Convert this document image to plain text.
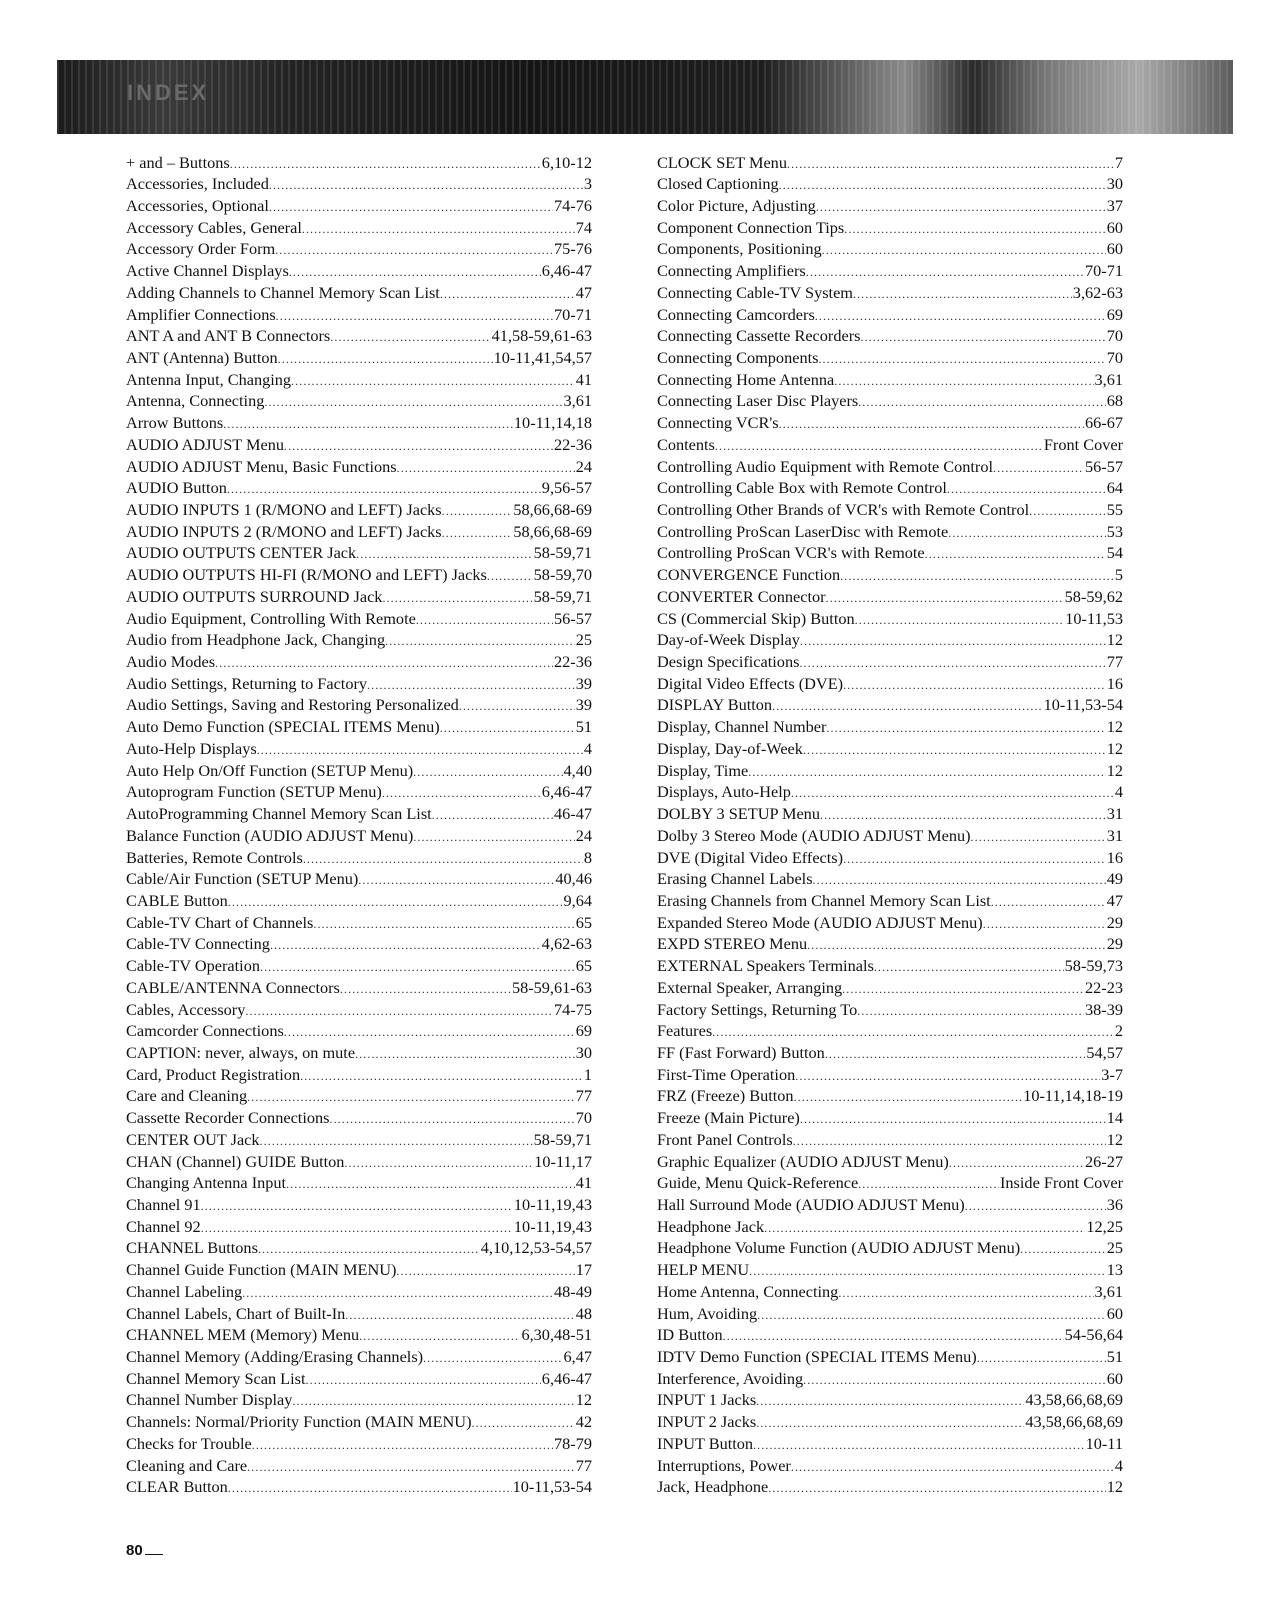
INDEX
+ and – Buttons .....	6,10-12
Accessories, Included .....	3
Accessories, Optional .....	74-76
Accessory Cables, General .....	74
Accessory Order Form .....	75-76
Active Channel Displays .....	6,46-47
Adding Channels to Channel Memory Scan List .....	47
Amplifier Connections .....	70-71
ANT A and ANT B Connectors .....	41,58-59,61-63
ANT (Antenna) Button .....	10-11,41,54,57
Antenna Input, Changing .....	41
Antenna, Connecting .....	3,61
Arrow Buttons .....	10-11,14,18
AUDIO ADJUST Menu .....	22-36
AUDIO ADJUST Menu, Basic Functions .....	24
AUDIO Button .....	9,56-57
AUDIO INPUTS 1 (R/MONO and LEFT) Jacks .....	58,66,68-69
AUDIO INPUTS 2 (R/MONO and LEFT) Jacks .....	58,66,68-69
AUDIO OUTPUTS CENTER Jack .....	58-59,71
AUDIO OUTPUTS HI-FI (R/MONO and LEFT) Jacks .....	58-59,70
AUDIO OUTPUTS SURROUND Jack .....	58-59,71
Audio Equipment, Controlling With Remote .....	56-57
Audio from Headphone Jack, Changing .....	25
Audio Modes .....	22-36
Audio Settings, Returning to Factory .....	39
Audio Settings, Saving and Restoring Personalized .....	39
Auto Demo Function (SPECIAL ITEMS Menu) .....	51
Auto-Help Displays .....	4
Auto Help On/Off Function (SETUP Menu) .....	4,40
Autoprogram Function (SETUP Menu) .....	6,46-47
AutoProgramming Channel Memory Scan List .....	46-47
Balance Function (AUDIO ADJUST Menu) .....	24
Batteries, Remote Controls .....	8
Cable/Air Function (SETUP Menu) .....	40,46
CABLE Button .....	9,64
Cable-TV Chart of Channels .....	65
Cable-TV Connecting .....	4,62-63
Cable-TV Operation .....	65
CABLE/ANTENNA Connectors .....	58-59,61-63
Cables, Accessory .....	74-75
Camcorder Connections .....	69
CAPTION: never, always, on mute .....	30
Card, Product Registration .....	1
Care and Cleaning .....	77
Cassette Recorder Connections .....	70
CENTER OUT Jack .....	58-59,71
CHAN (Channel) GUIDE Button .....	10-11,17
Changing Antenna Input .....	41
Channel 91 .....	10-11,19,43
Channel 92 .....	10-11,19,43
CHANNEL Buttons .....	4,10,12,53-54,57
Channel Guide Function (MAIN MENU) .....	17
Channel Labeling .....	48-49
Channel Labels, Chart of Built-In .....	48
CHANNEL MEM (Memory) Menu .....	6,30,48-51
Channel Memory (Adding/Erasing Channels) .....	6,47
Channel Memory Scan List .....	6,46-47
Channel Number Display .....	12
Channels: Normal/Priority Function (MAIN MENU) .....	42
Checks for Trouble .....	78-79
Cleaning and Care .....	77
CLEAR Button .....	10-11,53-54
CLOCK SET Menu .....	7
Closed Captioning .....	30
Color Picture, Adjusting .....	37
Component Connection Tips .....	60
Components, Positioning .....	60
Connecting Amplifiers .....	70-71
Connecting Cable-TV System .....	3,62-63
Connecting Camcorders .....	69
Connecting Cassette Recorders .....	70
Connecting Components .....	70
Connecting Home Antenna .....	3,61
Connecting Laser Disc Players .....	68
Connecting VCR's .....	66-67
Contents .....	Front Cover
Controlling Audio Equipment with Remote Control .....	56-57
Controlling Cable Box with Remote Control .....	64
Controlling Other Brands of VCR's with Remote Control .....	55
Controlling ProScan LaserDisc with Remote .....	53
Controlling ProScan VCR's with Remote .....	54
CONVERGENCE Function .....	5
CONVERTER Connector .....	58-59,62
CS (Commercial Skip) Button .....	10-11,53
Day-of-Week Display .....	12
Design Specifications .....	77
Digital Video Effects (DVE) .....	16
DISPLAY Button .....	10-11,53-54
Display, Channel Number .....	12
Display, Day-of-Week .....	12
Display, Time .....	12
Displays, Auto-Help .....	4
DOLBY 3 SETUP Menu .....	31
Dolby 3 Stereo Mode (AUDIO ADJUST Menu) .....	31
DVE (Digital Video Effects) .....	16
Erasing Channel Labels .....	49
Erasing Channels from Channel Memory Scan List .....	47
Expanded Stereo Mode (AUDIO ADJUST Menu) .....	29
EXPD STEREO Menu .....	29
EXTERNAL Speakers Terminals .....	58-59,73
External Speaker, Arranging .....	22-23
Factory Settings, Returning To .....	38-39
Features .....	2
FF (Fast Forward) Button .....	54,57
First-Time Operation .....	3-7
FRZ (Freeze) Button .....	10-11,14,18-19
Freeze (Main Picture) .....	14
Front Panel Controls .....	12
Graphic Equalizer (AUDIO ADJUST Menu) .....	26-27
Guide, Menu Quick-Reference .....	Inside Front Cover
Hall Surround Mode (AUDIO ADJUST Menu) .....	36
Headphone Jack .....	12,25
Headphone Volume Function (AUDIO ADJUST Menu) .....	25
HELP MENU .....	13
Home Antenna, Connecting .....	3,61
Hum, Avoiding .....	60
ID Button .....	54-56,64
IDTV Demo Function (SPECIAL ITEMS Menu) .....	51
Interference, Avoiding .....	60
INPUT 1 Jacks .....	43,58,66,68,69
INPUT 2 Jacks .....	43,58,66,68,69
INPUT Button .....	10-11
Interruptions, Power .....	4
Jack, Headphone .....	12
80
